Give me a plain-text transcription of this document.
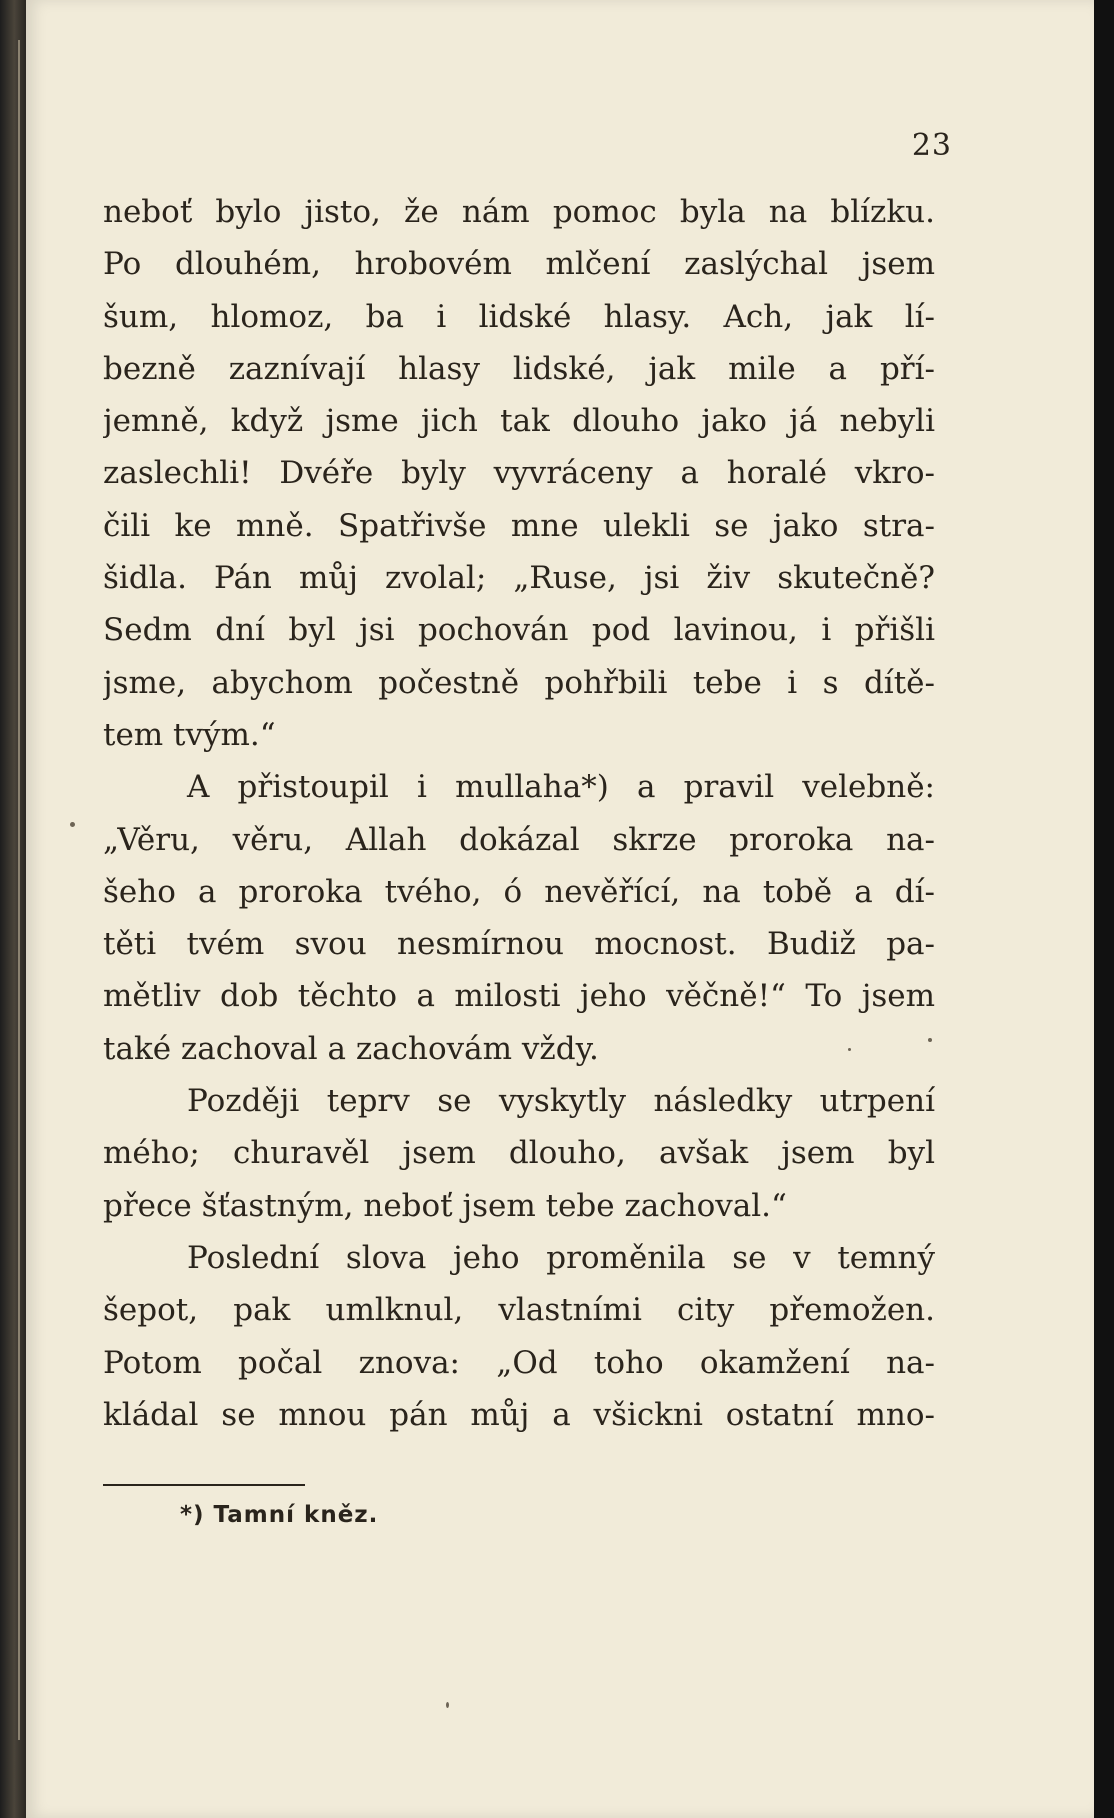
23
neboť bylo jisto, že nám pomoc byla na blízku.
Po dlouhém, hrobovém mlčení zaslýchal jsem
šum, hlomoz, ba i lidské hlasy. Ach, jak lí-
bezně zaznívají hlasy lidské, jak mile a pří-
jemně, když jsme jich tak dlouho jako já nebyli
zaslechli! Dvéře byly vyvráceny a horalé vkro-
čili ke mně. Spatřivše mne ulekli se jako stra-
šidla. Pán můj zvolal; „Ruse, jsi živ skutečně?
Sedm dní byl jsi pochován pod lavinou, i přišli
jsme, abychom počestně pohřbili tebe i s dítě-
tem tvým.“
A přistoupil i mullaha*) a pravil velebně:
„Věru, věru, Allah dokázal skrze proroka na-
šeho a proroka tvého, ó nevěřící, na tobě a dí-
těti tvém svou nesmírnou mocnost. Budiž pa-
mětliv dob těchto a milosti jeho věčně!“ To jsem
také zachoval a zachovám vždy.
Později teprv se vyskytly následky utrpení
mého; churavěl jsem dlouho, avšak jsem byl
přece šťastným, neboť jsem tebe zachoval.“
Poslední slova jeho proměnila se v temný
šepot, pak umlknul, vlastními city přemožen.
Potom počal znova: „Od toho okamžení na-
kládal se mnou pán můj a všickni ostatní mno-
*) Tamní kněz.
